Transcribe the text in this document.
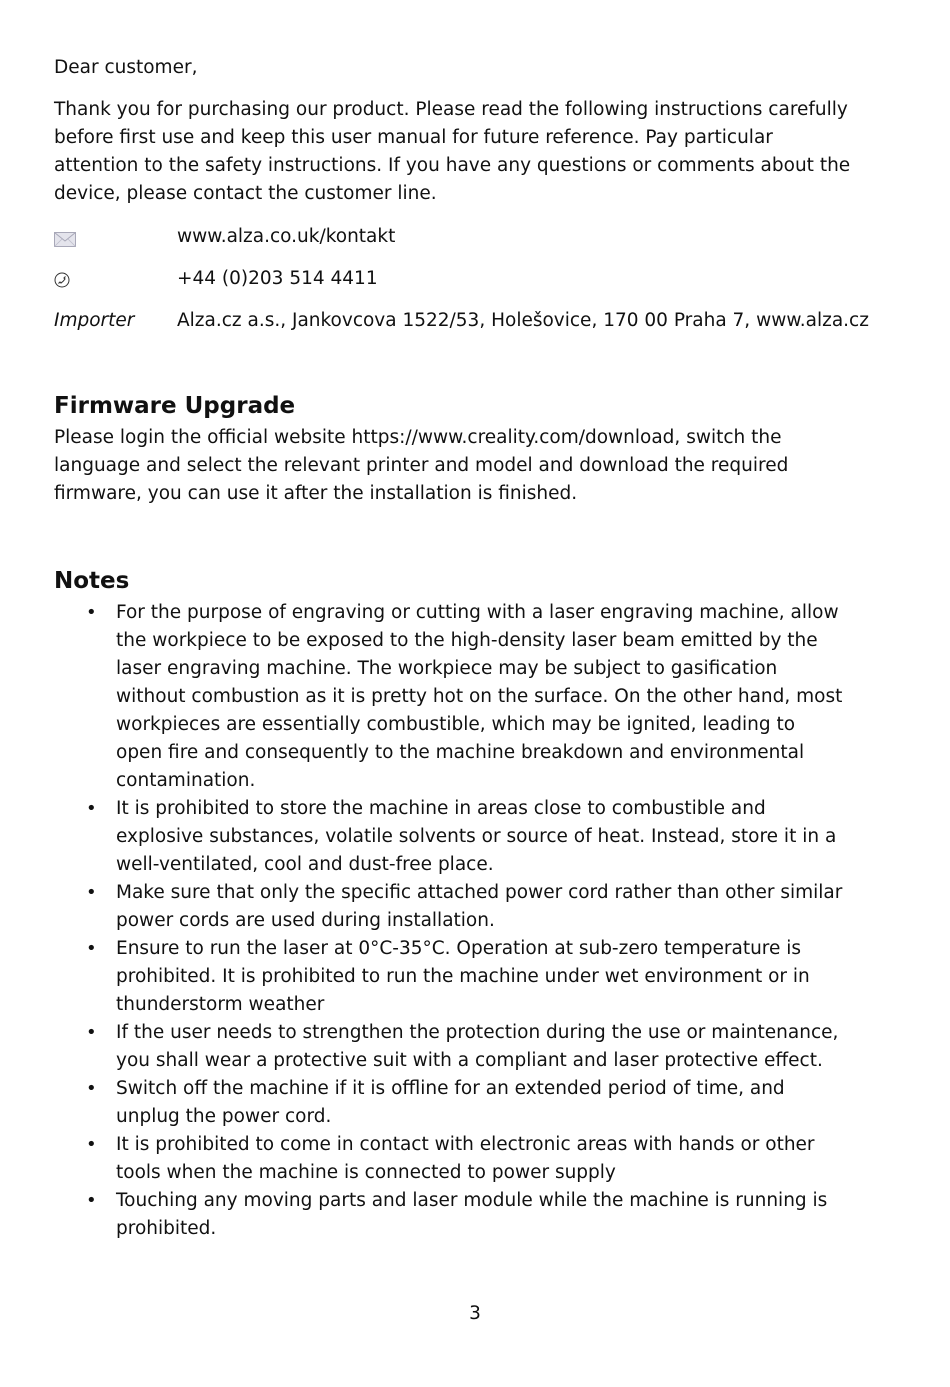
Dear customer,

Thank you for purchasing our product. Please read the following instructions carefully before first use and keep this user manual for future reference. Pay particular attention to the safety instructions. If you have any questions or comments about the device, please contact the customer line.

www.alza.co.uk/kontakt
+44 (0)203 514 4411
Importer	Alza.cz a.s., Jankovcova 1522/53, Holešovice, 170 00 Praha 7, www.alza.cz
Firmware Upgrade

Please login the official website https://www.creality.com/download, switch the language and select the relevant printer and model and download the required firmware, you can use it after the installation is finished.

Notes
• For the purpose of engraving or cutting with a laser engraving machine, allow the workpiece to be exposed to the high-density laser beam emitted by the laser engraving machine. The workpiece may be subject to gasification without combustion as it is pretty hot on the surface. On the other hand, most workpieces are essentially combustible, which may be ignited, leading to open fire and consequently to the machine breakdown and environmental contamination.
• It is prohibited to store the machine in areas close to combustible and explosive substances, volatile solvents or source of heat. Instead, store it in a well-ventilated, cool and dust-free place.
• Make sure that only the specific attached power cord rather than other similar power cords are used during installation.
• Ensure to run the laser at 0°C-35°C. Operation at sub-zero temperature is prohibited. It is prohibited to run the machine under wet environment or in thunderstorm weather
• If the user needs to strengthen the protection during the use or maintenance, you shall wear a protective suit with a compliant and laser protective effect.
• Switch off the machine if it is offline for an extended period of time, and unplug the power cord.
• It is prohibited to come in contact with electronic areas with hands or other tools when the machine is connected to power supply
• Touching any moving parts and laser module while the machine is running is prohibited.
3
